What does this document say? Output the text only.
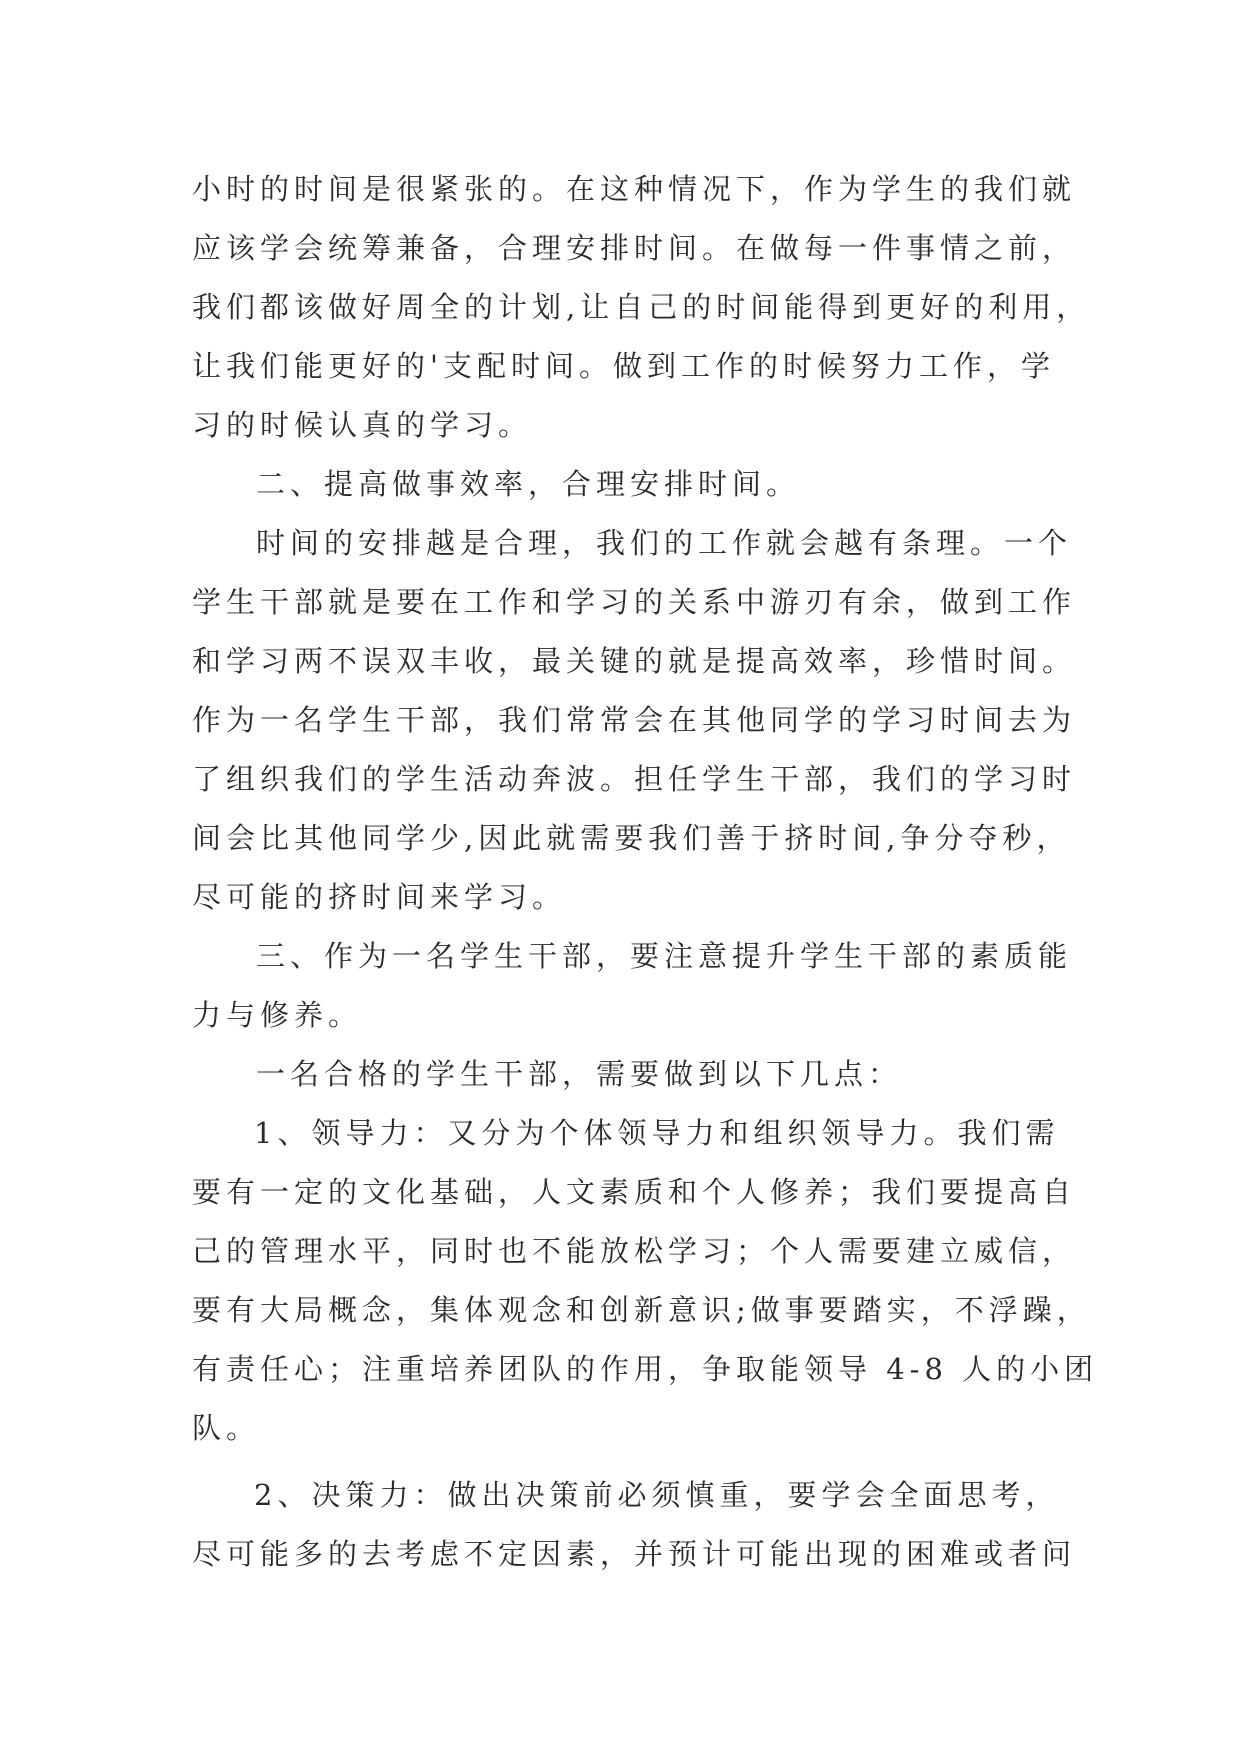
小时的时间是很紧张的。在这种情况下，作为学生的我们就
应该学会统筹兼备，合理安排时间。在做每一件事情之前，
我们都该做好周全的计划,让自己的时间能得到更好的利用，
让我们能更好的'支配时间。做到工作的时候努力工作，学
习的时候认真的学习。
二、提高做事效率，合理安排时间。
时间的安排越是合理，我们的工作就会越有条理。一个
学生干部就是要在工作和学习的关系中游刃有余，做到工作
和学习两不误双丰收，最关键的就是提高效率，珍惜时间。
作为一名学生干部，我们常常会在其他同学的学习时间去为
了组织我们的学生活动奔波。担任学生干部，我们的学习时
间会比其他同学少,因此就需要我们善于挤时间,争分夺秒，
尽可能的挤时间来学习。
三、作为一名学生干部，要注意提升学生干部的素质能
力与修养。
一名合格的学生干部，需要做到以下几点：
1、领导力：又分为个体领导力和组织领导力。我们需
要有一定的文化基础，人文素质和个人修养；我们要提高自
己的管理水平，同时也不能放松学习；个人需要建立威信，
要有大局概念，集体观念和创新意识;做事要踏实，不浮躁，
有责任心；注重培养团队的作用，争取能领导 4-8 人的小团
队。
2、决策力：做出决策前必须慎重，要学会全面思考，
尽可能多的去考虑不定因素，并预计可能出现的困难或者问
